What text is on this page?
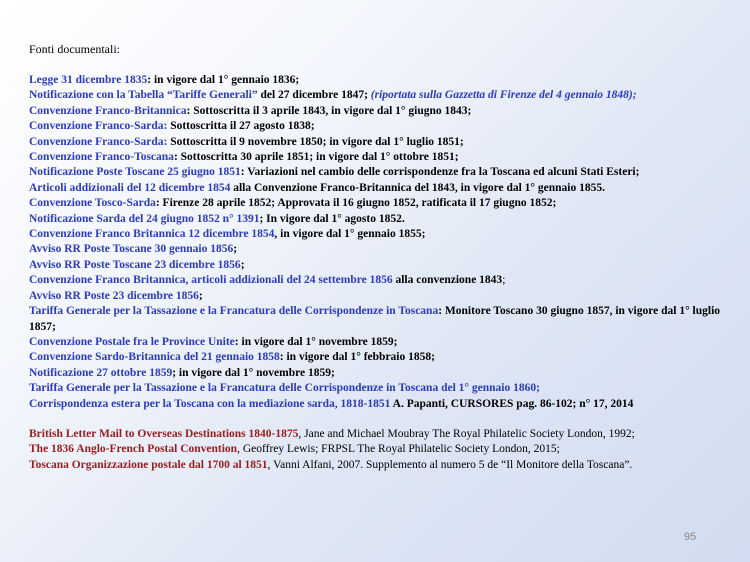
Fonti documentali:

Legge 31 dicembre 1835: in vigore dal 1° gennaio 1836;

Notificazione con la Tabella “Tariffe Generali” del 27 dicembre 1847; (riportata sulla Gazzetta di Firenze del 4 gennaio 1848);

Convenzione Franco-Britannica: Sottoscritta il 3 aprile 1843, in vigore dal 1° giugno 1843;

Convenzione Franco-Sarda: Sottoscritta il 27 agosto 1838;

Convenzione Franco-Sarda: Sottoscritta il 9 novembre 1850; in vigore dal 1° luglio 1851;

Convenzione Franco-Toscana: Sottoscritta 30 aprile 1851; in vigore dal 1° ottobre 1851;

Notificazione Poste Toscane 25 giugno 1851: Variazioni nel cambio delle corrispondenze fra la Toscana ed alcuni Stati Esteri;

Articoli addizionali del 12 dicembre 1854 alla Convenzione Franco-Britannica del 1843, in vigore dal 1° gennaio 1855.

Convenzione Tosco-Sarda: Firenze 28 aprile 1852; Approvata il 16 giugno 1852, ratificata il 17 giugno 1852;

Notificazione Sarda del 24 giugno 1852 n° 1391; In vigore dal 1° agosto 1852.

Convenzione Franco Britannica 12 dicembre 1854, in vigore dal 1° gennaio 1855;

Avviso RR Poste Toscane 30 gennaio 1856;

Avviso RR Poste Toscane 23 dicembre 1856;

Convenzione Franco Britannica, articoli addizionali del 24 settembre 1856 alla convenzione 1843;

Avviso RR Poste 23 dicembre 1856;

Tariffa Generale per la Tassazione e la Francatura delle Corrispondenze in Toscana: Monitore Toscano 30 giugno 1857, in vigore dal 1° luglio 1857;

Convenzione Postale fra le Province Unite: in vigore dal 1° novembre 1859;

Convenzione Sardo-Britannica del 21 gennaio 1858: in vigore dal 1° febbraio 1858;

Notificazione 27 ottobre 1859; in vigore dal 1° novembre 1859;

Tariffa Generale per la Tassazione e la Francatura delle Corrispondenze in Toscana del 1° gennaio 1860;

Corrispondenza estera per la Toscana con la mediazione sarda, 1818-1851 A. Papanti, CURSORES pag. 86-102; n° 17, 2014

British Letter Mail to Overseas Destinations 1840-1875, Jane and Michael Moubray The Royal Philatelic Society London, 1992;

The 1836 Anglo-French Postal Convention, Geoffrey Lewis; FRPSL The Royal Philatelic Society London, 2015;

Toscana Organizzazione postale dal 1700 al 1851, Vanni Alfani, 2007. Supplemento al numero 5 de “Il Monitore della Toscana”.

95
